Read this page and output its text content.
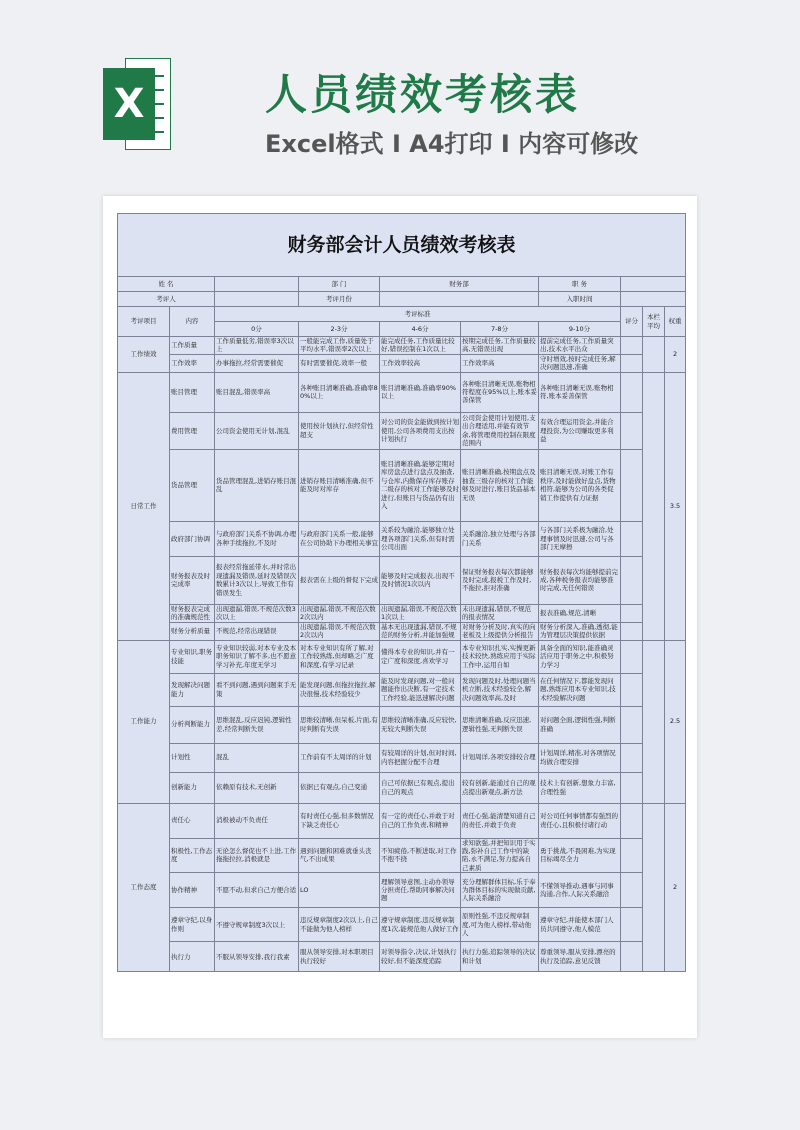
X	人员绩效考核表
Excel格式 I A4打印 I 内容可修改
财务部会计人员绩效考核表									
姓 名			部 门	财务部		职 务			
考评人			考评月份			入职时间			
考评项目	内容	考评标准					评分	本栏平均	权重
		0分	2-3分	4-6分	7-8分	9-10分			
工作绩效	工作质量	工作质量低劣,错误率3次以上	一般能完成工作,质量处于平均水平,错误率2次以上	能完成任务,工作质量比较好,错误控制在1次以上	按期完成任务,工作质量较高,无错误出现	提前完成任务,工作质量突出,技术水平出众			2
	工作效率	办事拖拉,经常需要催促	有时需要催促,效率一般	工作效率较高	工作效率高	守时增效,按时完成任务,解决问题迅速,准确			
日常工作	账目管理	账目混乱,错误率高	各种账目清晰准确,准确率80%以上	账目清晰准确,准确率90%以上	各种账目清晰无误,账物相符程度在95%以上,账本妥善保管	各种账目清晰无误,账物相符,账本妥善保管			3.5
	费用管理	公司资金使用无计划,混乱	使用按计划执行,但经常性超支	对公司的资金能做到按计划使用,公司各项费用支出按计划执行	公司资金使用计划使用,支出合理适用,并能有效节余,将管理费用控制在限度范围内	有效合理运用资金,并能合理投资,为公司赚取更多利益			
	货品管理	货品管理混乱,进销存账目混乱	进销存账目清晰准确,但不能及时对库存	账目清晰准确,能够定期对库房盘点进行盘点及抽查,与仓库,内勤保存库存账存二级存的核对工作能够及时进行,但账目与货品仍有出入	账目清晰准确,按期盘点及抽查三级存的核对工作能够及时进行,账目货品基本无误	账目清晰无误,对账工作有秩序,及时能做好盘点,货物相符,能够为公司的各类促销工作提供有力证据			
	政府部门协调	与政府部门关系不协调,办理各种手续拖拉,不及时	与政府部门关系一般,能够在公司协助下办理相关事宜	关系较为融洽,能够独立处理各项部门关系,但有时需公司出面	关系融洽,独立处理与各部门关系	与各部门关系极为融洽,处理事情及时迅速,公司与各部门无摩擦			
	财务报表及时完成率	报表经常拖延带水,并时常出现遗漏及错误,延时及错误次数累计3次以上,导致工作有错误发生	报表需在上级的督促下完成	能够及时完成报表,出现不及时情况1次以内	保证财务报表每次都能够及时完成,报税工作及时,不拖拉,拒对准确	财务报表每次均能够提前完成,各种税务报表均能够准时完成,无任何错误			
	财务报表完成的准确规范性	出现遗漏,错误,不规范次数3次以上	出现遗漏,错误,不规范次数2次以内	出现遗漏,错误,不规范次数1次以上	未出现遗漏,错误,不规范的报表情况	报表准确,规范,清晰			
	财务分析质量	不规范,经常出现错误	出现遗漏,错误,不规范次数2次以内	基本无出现遗漏,错误,不规范的财务分析,并能加强规	对财务分析及时,真实的向老板及上级提供分析报告	财务分析深入,准确,透彻,能为管理层决策提供依据			
工作能力	专业知识,职务技能	专业知识较弱,对本专业及本职务知识了解不多,也不愿意学习补充,年度无学习	对本专业知识有所了解,对工作较熟练,但却略乏广度和深度,有学习记录	懂得本专业的知识,并有一定广度和深度,喜欢学习	本专业知识扎实,实操更新技术较快,熟练应用于实际工作中,运用自如	具备全面的知识,能准确灵活应用于职务之中,积极努力学习			2.5
	发现解决问题能力	看不到问题,遇到问题束手无策	能发现问题,但拖拉拖拉,解决很慢,技术经验较少	能及时发现问题,对一般问题能作出决断,有一定技术工作经验,能迅速解决问题	发现问题及时,处理问题当机立断,技术经验较全,解决问题效率高,及时	在任何情况下,都能发现问题,熟练应用本专业知识,技术经验解决问题			
	分析判断能力	思维混乱,反应迟钝,逻辑性差,经常判断失误	思维较清晰,但呆板,片面,有时判断有失误	思维较清晰准确,反应较快,无较大判断失误	思维清晰准确,反应迅速,逻辑性强,无判断失误	对问题全面,逻辑性强,判断准确			
	计划性	混乱	工作前有不太周详的计划	有较周详的计划,但对时间,内容把握分配不合理	计划周详,各项安排较合理	计划周详,精准,对各项情况均做合理安排			
	创新能力	依赖原有技术,无创新	依据已有观点,自己变通	自己可依据已有观点,提出自己的观点	较有创新,能通过自己的观点提出新观点,新方法	技术上有创新,想象力丰富,合理性强			
工作态度	责任心	消极被动不负责任	有时责任心强,但多数情况下缺乏责任心	有一定的责任心,并敢于对自己的工作负责,和精神	责任心强,能清楚知道自己的责任,并敢于负责	对公司任何事情都有强烈的责任心,且积极付诸行动			2
	积极性,工作态度	无论怎么督促也不上进,工作拖拖拉拉,消极就是	遇到问题和困难就垂头丧气,不出成果	不知疲倦,不断进取,对工作不抱不挠	求知欲强,并把知识用于实践,弥补自己工作中的缺陷,永不满足,努力提高自己素质	勇于挑战,不畏困难,为实现目标竭尽全力			
	协作精神	不愿不动,但求自己方便合适	LO	理解领导意图,主动办领导分担责任,帮助同事解决问题	充分理解群体目标,乐于奉为群体目标的实现做贡献,人际关系融洽	不懂领导推动,遇事与同事沟通,合作,人际关系融洽			
	遵章守纪,以身作则	不遵守规章制度3次以上	违反规章制度2次以上,自己不能做为他人榜样	遵守规章制度,违反规章制度1次,能规范他人做好工作	原则性强,不违反规章制度,可为他人榜样,带动他人	遵章守纪,并能使本部门人员共同遵守,他人模范			
	执行力	不服从领导安排,我行我素	服从领导安排,对本职项目执行较好	对领导指令,决议,计划执行较好,但不能深度追踪	执行力强,追踪领导的决议和计划	尊重领导,服从安排,漂亮的执行及追踪,意见反馈			
